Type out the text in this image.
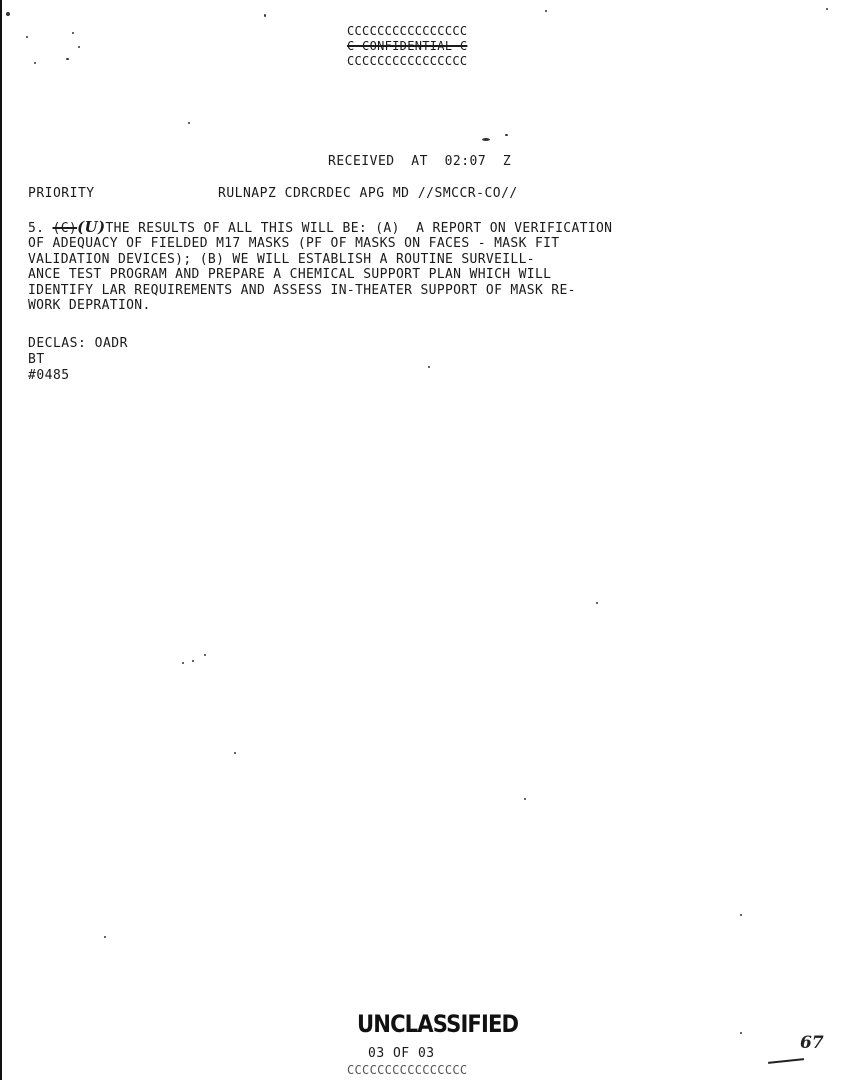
CCCCCCCCCCCCCCCC
C CONFIDENTIAL C
CCCCCCCCCCCCCCCC
RECEIVED  AT  02:07  Z
PRIORITY	RULNAPZ CDRCRDEC APG MD //SMCCR-CO//
5. (C)(U)THE RESULTS OF ALL THIS WILL BE: (A)  A REPORT ON VERIFICATION
OF ADEQUACY OF FIELDED M17 MASKS (PF OF MASKS ON FACES - MASK FIT
VALIDATION DEVICES); (B) WE WILL ESTABLISH A ROUTINE SURVEILL-
ANCE TEST PROGRAM AND PREPARE A CHEMICAL SUPPORT PLAN WHICH WILL
IDENTIFY LAR REQUIREMENTS AND ASSESS IN-THEATER SUPPORT OF MASK RE-
WORK DEPRATION.
DECLAS: OADR
BT
#0485
UNCLASSIFIED
03 OF 03
CCCCCCCCCCCCCCCC
67
